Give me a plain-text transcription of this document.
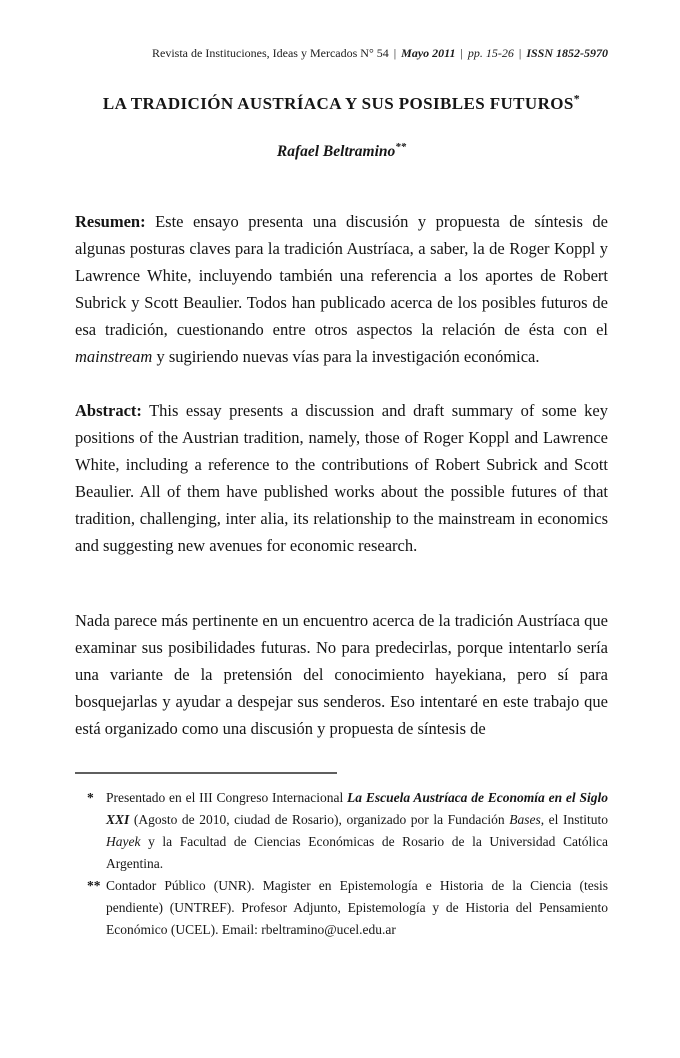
Revista de Instituciones, Ideas y Mercados N° 54 | Mayo 2011 | pp. 15-26 | ISSN 1852-5970
LA TRADICIÓN AUSTRÍACA Y SUS POSIBLES FUTUROS*
Rafael Beltramino**

Resumen: Este ensayo presenta una discusión y propuesta de síntesis de algunas posturas claves para la tradición Austríaca, a saber, la de Roger Koppl y Lawrence White, incluyendo también una referencia a los aportes de Robert Subrick y Scott Beaulier. Todos han publicado acerca de los posibles futuros de esa tradición, cuestionando entre otros aspectos la relación de ésta con el mainstream y sugiriendo nuevas vías para la investigación económica.

Abstract: This essay presents a discussion and draft summary of some key positions of the Austrian tradition, namely, those of Roger Koppl and Lawrence White, including a reference to the contributions of Robert Subrick and Scott Beaulier. All of them have published works about the possible futures of that tradition, challenging, inter alia, its relationship to the mainstream in economics and suggesting new avenues for economic research.

Nada parece más pertinente en un encuentro acerca de la tradición Austríaca que examinar sus posibilidades futuras. No para predecirlas, porque intentarlo sería una variante de la pretensión del conocimiento hayekiana, pero sí para bosquejarlas y ayudar a despejar sus senderos. Eso intentaré en este trabajo que está organizado como una discusión y propuesta de síntesis de

* Presentado en el III Congreso Internacional La Escuela Austríaca de Economía en el Siglo XXI (Agosto de 2010, ciudad de Rosario), organizado por la Fundación Bases, el Instituto Hayek y la Facultad de Ciencias Económicas de Rosario de la Universidad Católica Argentina.
** Contador Público (UNR). Magister en Epistemología e Historia de la Ciencia (tesis pendiente) (UNTREF). Profesor Adjunto, Epistemología y de Historia del Pensamiento Económico (UCEL). Email: rbeltramino@ucel.edu.ar
